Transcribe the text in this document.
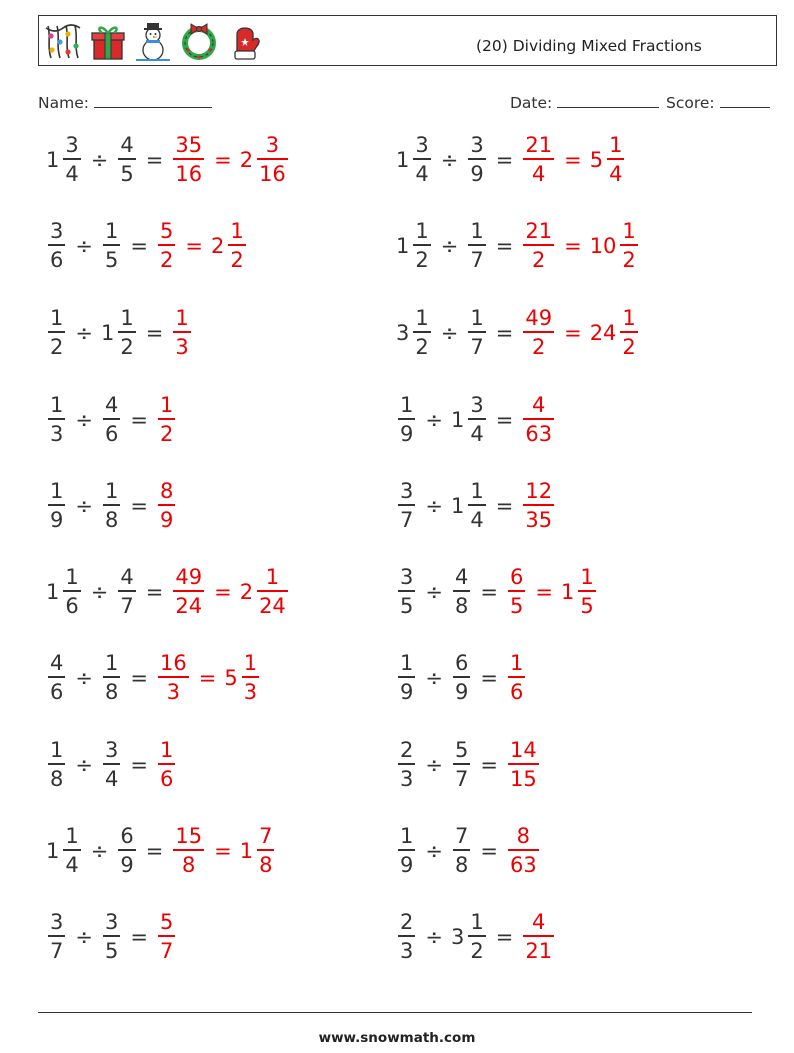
(20) Dividing Mixed Fractions
Name:	Date:	Score:
$1 \frac{3}{4} \div \frac{4}{5} = \frac{35}{16} = 2 \frac{3}{16}$	$1 \frac{3}{4} \div \frac{3}{9} = \frac{21}{4} = 5 \frac{1}{4}$
$\frac{3}{6} \div \frac{1}{5} = \frac{5}{2} = 2 \frac{1}{2}$	$1 \frac{1}{2} \div \frac{1}{7} = \frac{21}{2} = 10 \frac{1}{2}$
$\frac{1}{2} \div 1 \frac{1}{2} = \frac{1}{3}$	$3 \frac{1}{2} \div \frac{1}{7} = \frac{49}{2} = 24 \frac{1}{2}$
$\frac{1}{3} \div \frac{4}{6} = \frac{1}{2}$	$\frac{1}{9} \div 1 \frac{3}{4} = \frac{4}{63}$
$\frac{1}{9} \div \frac{1}{8} = \frac{8}{9}$	$\frac{3}{7} \div 1 \frac{1}{4} = \frac{12}{35}$
$1 \frac{1}{6} \div \frac{4}{7} = \frac{49}{24} = 2 \frac{1}{24}$	$\frac{3}{5} \div \frac{4}{8} = \frac{6}{5} = 1 \frac{1}{5}$
$\frac{4}{6} \div \frac{1}{8} = \frac{16}{3} = 5 \frac{1}{3}$	$\frac{1}{9} \div \frac{6}{9} = \frac{1}{6}$
$\frac{1}{8} \div \frac{3}{4} = \frac{1}{6}$	$\frac{2}{3} \div \frac{5}{7} = \frac{14}{15}$
$1 \frac{1}{4} \div \frac{6}{9} = \frac{15}{8} = 1 \frac{7}{8}$	$\frac{1}{9} \div \frac{7}{8} = \frac{8}{63}$
$\frac{3}{7} \div \frac{3}{5} = \frac{5}{7}$	$\frac{2}{3} \div 3 \frac{1}{2} = \frac{4}{21}$
www.snowmath.com
